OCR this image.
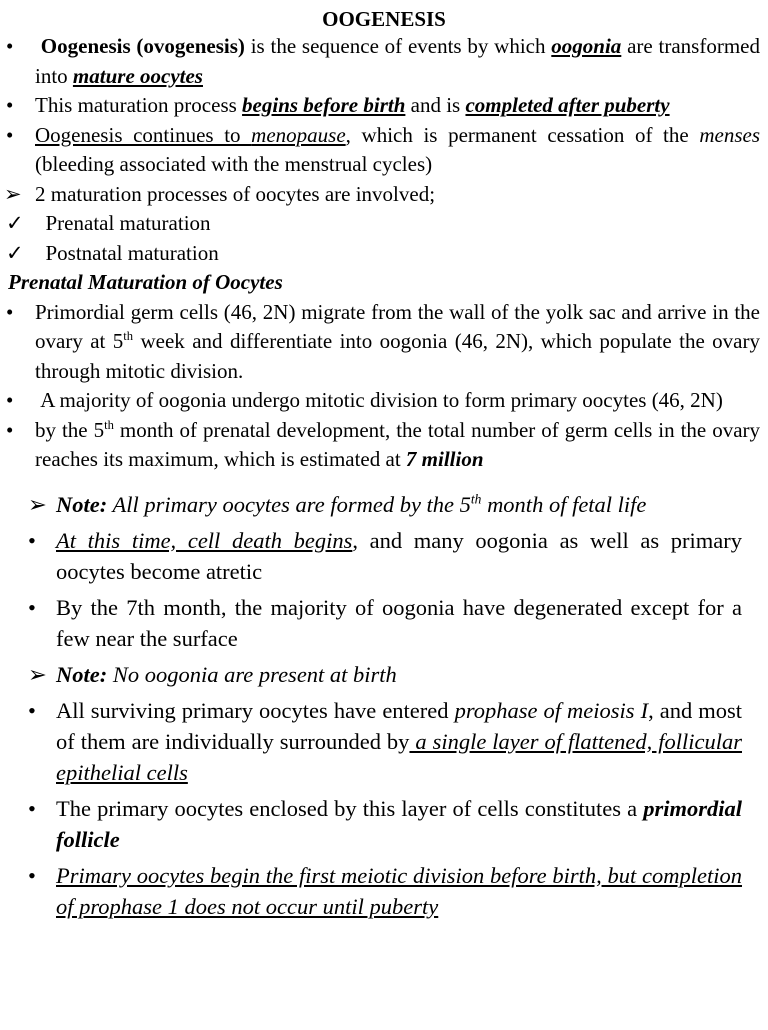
OOGENESIS
• Oogenesis (ovogenesis) is the sequence of events by which oogonia are transformed into mature oocytes
• This maturation process begins before birth and is completed after puberty
• Oogenesis continues to menopause, which is permanent cessation of the menses (bleeding associated with the menstrual cycles)
➢ 2 maturation processes of oocytes are involved;
✓ Prenatal maturation
✓ Postnatal maturation
Prenatal Maturation of Oocytes
• Primordial germ cells (46, 2N) migrate from the wall of the yolk sac and arrive in the ovary at 5th week and differentiate into oogonia (46, 2N), which populate the ovary through mitotic division.
• A majority of oogonia undergo mitotic division to form primary oocytes (46, 2N)
• by the 5th month of prenatal development, the total number of germ cells in the ovary reaches its maximum, which is estimated at 7 million
➢ Note: All primary oocytes are formed by the 5th month of fetal life
• At this time, cell death begins, and many oogonia as well as primary oocytes become atretic
• By the 7th month, the majority of oogonia have degenerated except for a few near the surface
➢ Note: No oogonia are present at birth
• All surviving primary oocytes have entered prophase of meiosis I, and most of them are individually surrounded by a single layer of flattened, follicular epithelial cells
• The primary oocytes enclosed by this layer of cells constitutes a primordial follicle
• Primary oocytes begin the first meiotic division before birth, but completion of prophase 1 does not occur until puberty
